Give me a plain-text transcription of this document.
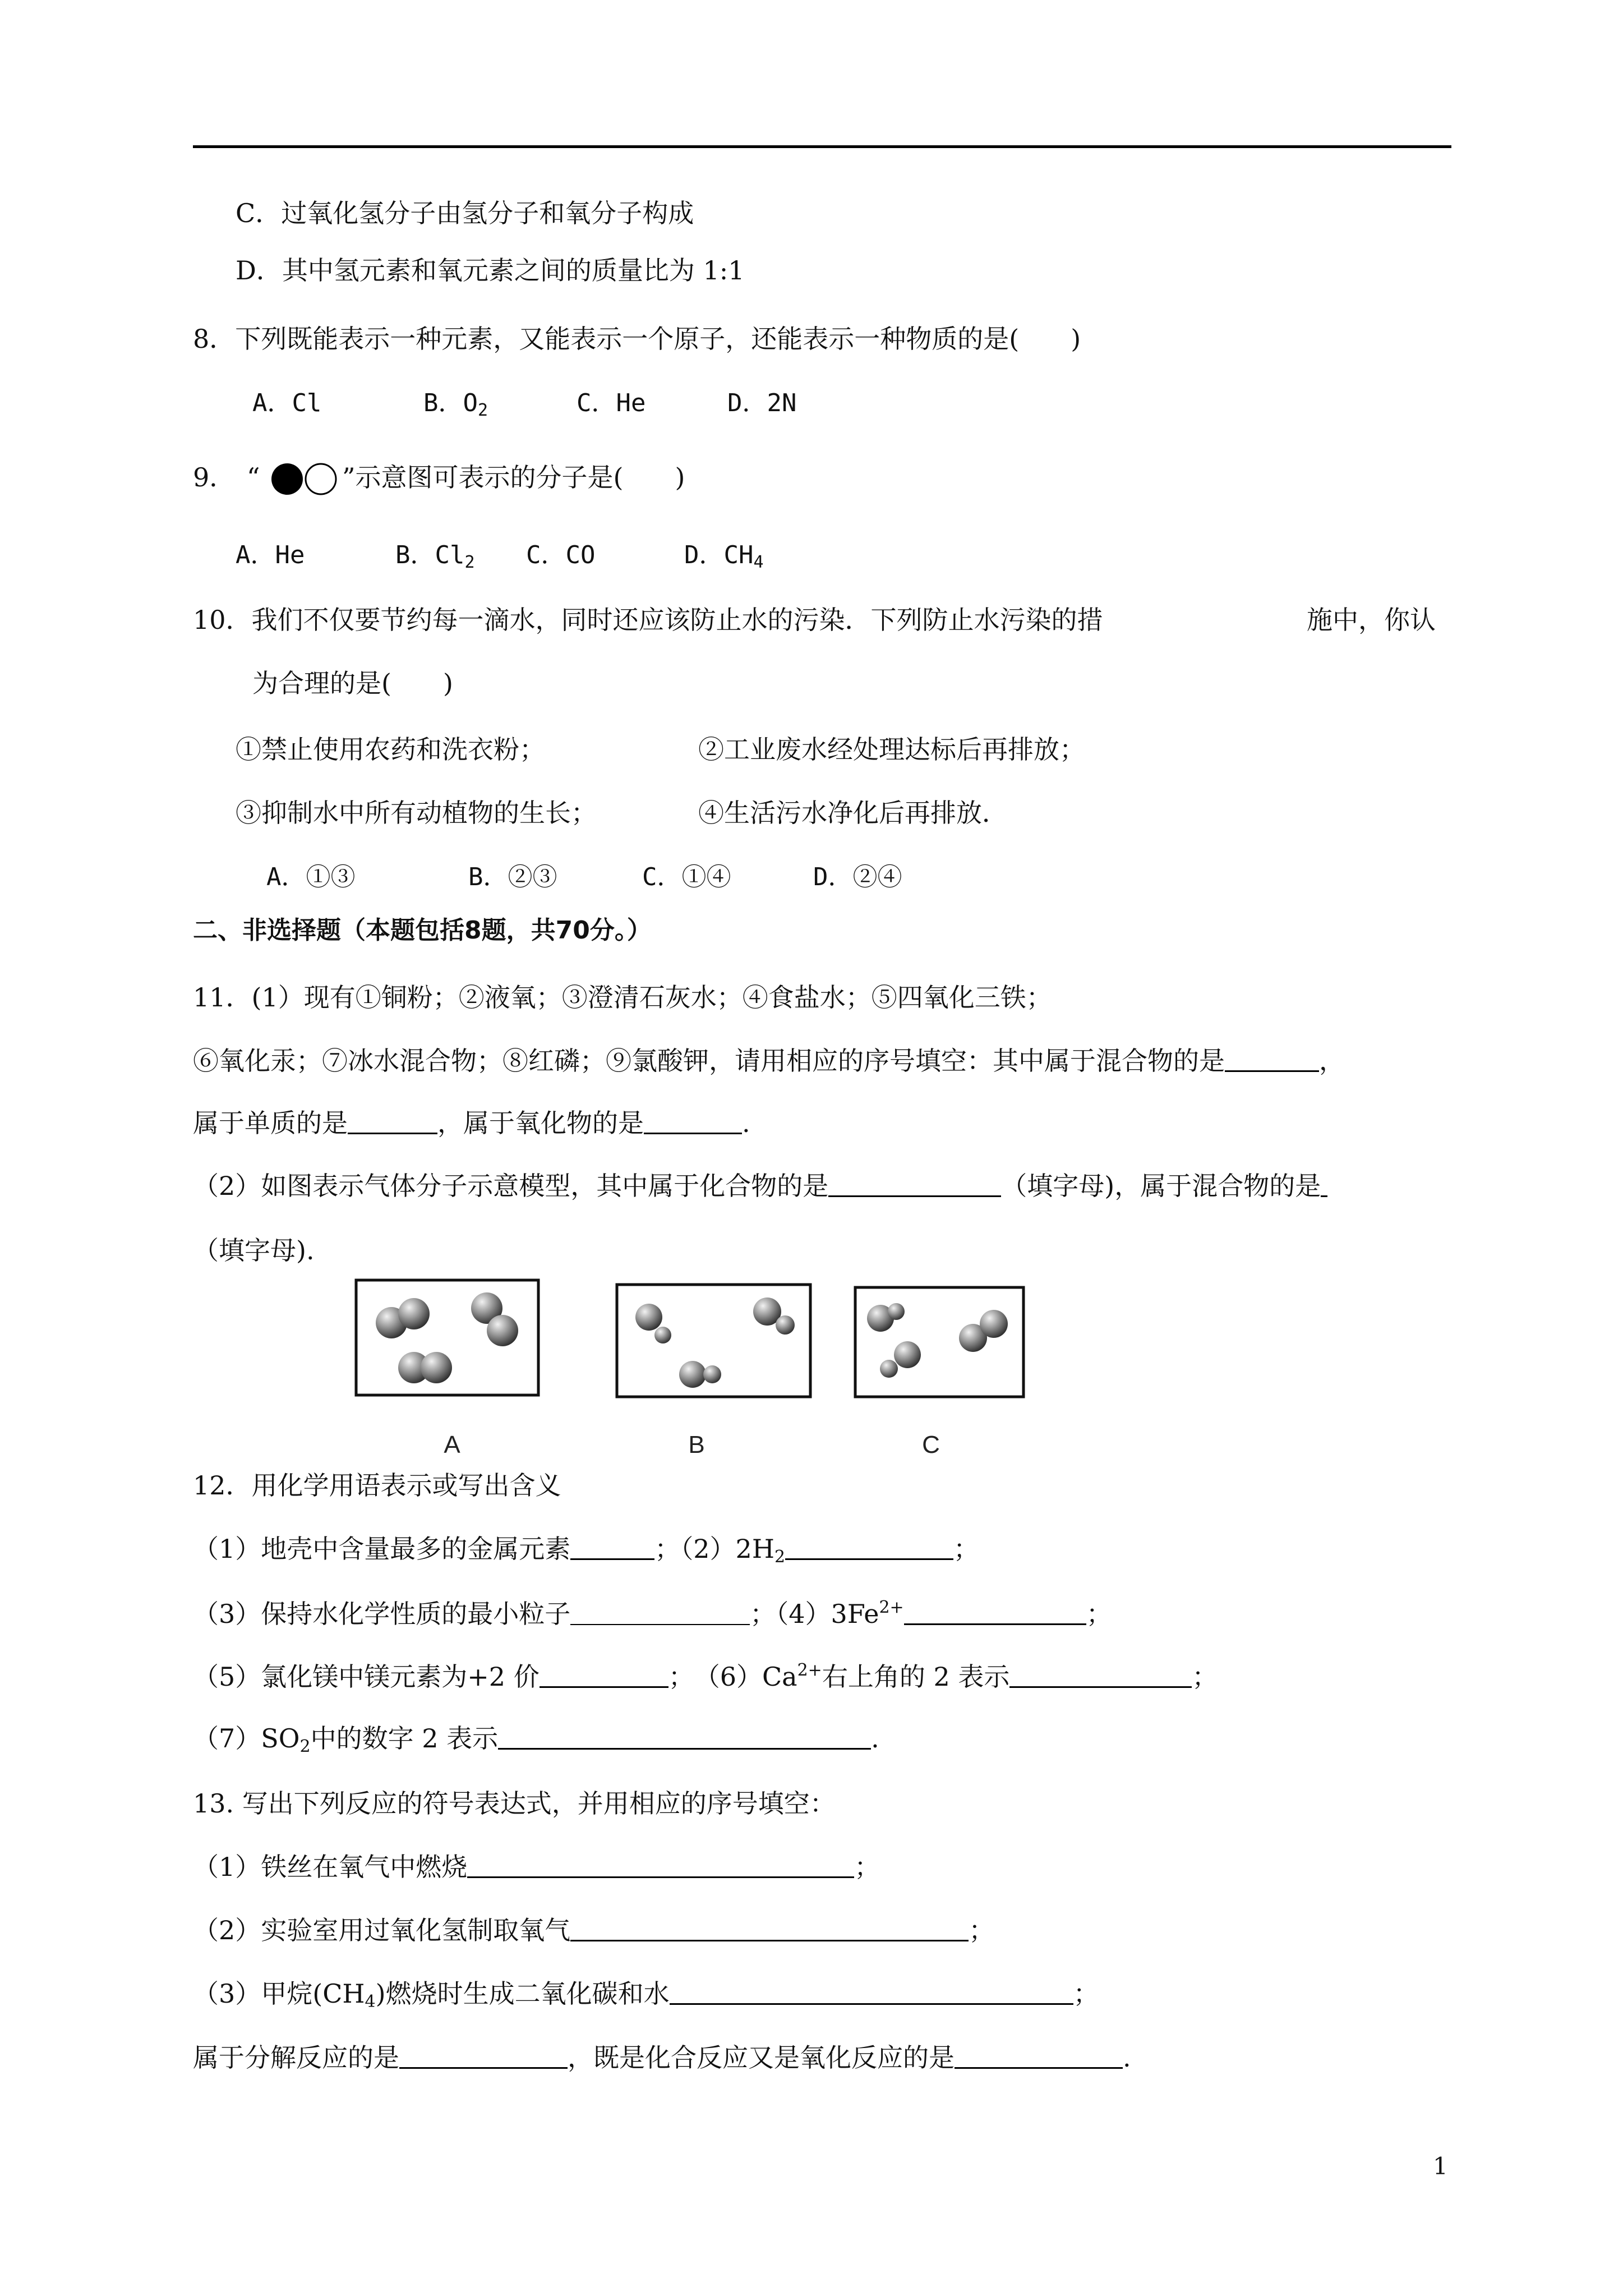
C．过氧化氢分子由氢分子和氧分子构成
D．其中氢元素和氧元素之间的质量比为 1:1
8．下列既能表示一种元素，又能表示一个原子，还能表示一种物质的是(　　)
A．Cl	B．$O_2$	C．He	D．2N
9． “	”示意图可表示的分子是(　　)
A．He	B．$Cl_2$ C．CO	D．$CH_4$
10．我们不仅要节约每一滴水，同时还应该防止水的污染．下列防止水污染的措	施中，你认
为合理的是(　　)
①禁止使用农药和洗衣粉；	②工业废水经处理达标后再排放；
③抑制水中所有动植物的生长；	④生活污水净化后再排放．
A．①③	B．②③	C．①④	D．②④
二、非选择题（本题包括8题，共70分。）
11．(1）现有①铜粉；②液氧；③澄清石灰水；④食盐水；⑤四氧化三铁；
⑥氧化汞；⑦冰水混合物；⑧红磷；⑨氯酸钾，请用相应的序号填空：其中属于混合物的是	，
属于单质的是	，属于氧化物的是	.
（2）如图表示气体分子示意模型，其中属于化合物的是	（填字母)，属于混合物的是
（填字母).
A	B	C
12．用化学用语表示或写出含义
（1）地壳中含量最多的金属元素	；$(2)2H_2$	；
（3）保持水化学性质的最小粒子	；$(4)3Fe^{2+}$	；
（5）氯化镁中镁元素为+2 价	；　$(6)Ca^{2+}$右上角的 2 表示	；
$(7)SO_2$中的数字 2 表示	.
13. 写出下列反应的符号表达式，并用相应的序号填空：
（1）铁丝在氧气中燃烧	；
（2）实验室用过氧化氢制取氧气	；
（3）甲烷$(CH_4)$燃烧时生成二氧化碳和水	；
属于分解反应的是	，既是化合反应又是氧化反应的是	.
1
